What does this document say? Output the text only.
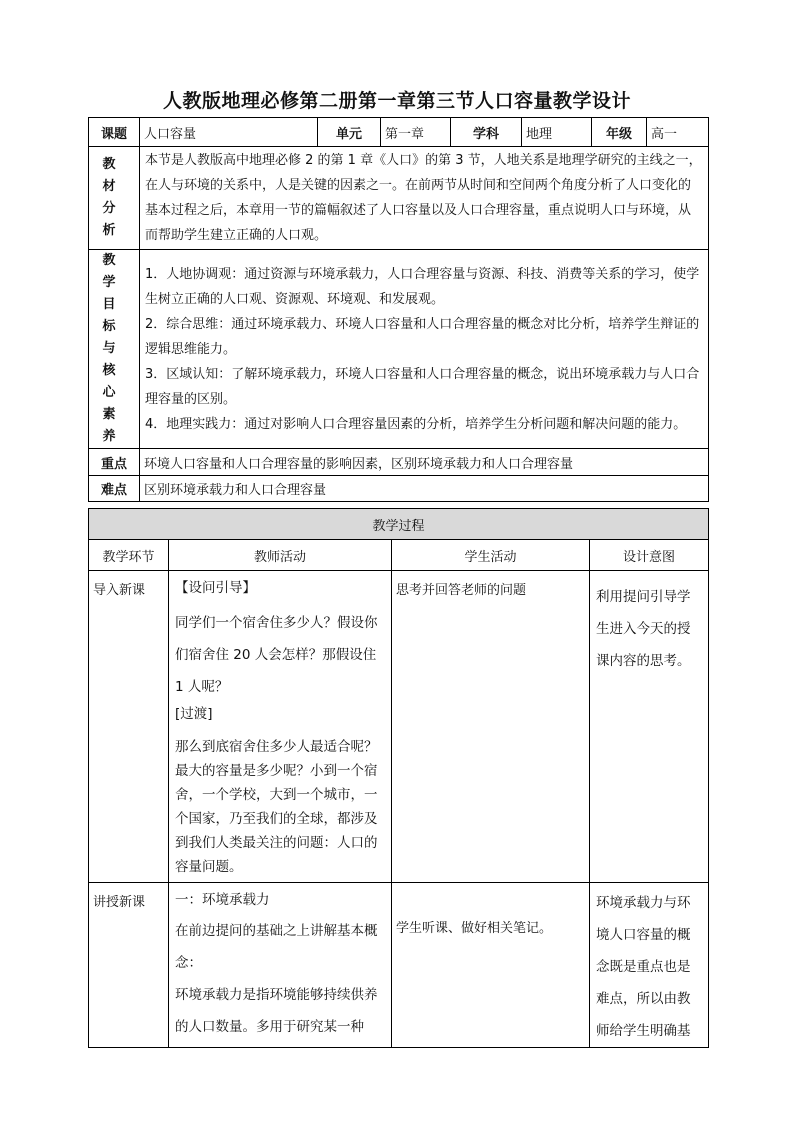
人教版地理必修第二册第一章第三节人口容量教学设计
课题	人口容量	单元	第一章	学科	地理	年级	高一
教材分析	本节是人教版高中地理必修 2 的第 1 章《人口》的第 3 节，人地关系是地理学研究的主线之一，在人与环境的关系中，人是关键的因素之一。在前两节从时间和空间两个角度分析了人口变化的基本过程之后，本章用一节的篇幅叙述了人口容量以及人口合理容量，重点说明人口与环境，从而帮助学生建立正确的人口观。						
教学目标与核心素养	1．人地协调观：通过资源与环境承载力，人口合理容量与资源、科技、消费等关系的学习，使学生树立正确的人口观、资源观、环境观、和发展观。
2．综合思维：通过环境承载力、环境人口容量和人口合理容量的概念对比分析，培养学生辩证的逻辑思维能力。
3．区域认知：了解环境承载力，环境人口容量和人口合理容量的概念，说出环境承载力与人口合理容量的区别。
4．地理实践力：通过对影响人口合理容量因素的分析，培养学生分析问题和解决问题的能力。						

重点	环境人口容量和人口合理容量的影响因素，区别环境承载力和人口合理容量						
难点	区别环境承载力和人口合理容量						
教学过程			
教学环节	教师活动	学生活动	设计意图
导入新课	【设问引导】
同学们一个宿舍住多少人？假设你们宿舍住 20 人会怎样？那假设住 1 人呢？
[过渡]
那么到底宿舍住多少人最适合呢？最大的容量是多少呢？小到一个宿舍，一个学校，大到一个城市，一个国家，乃至我们的全球，都涉及到我们人类最关注的问题：人口的容量问题。	思考并回答老师的问题	利用提问引导学生进入今天的授课内容的思考。
讲授新课	一：环境承载力
在前边提问的基础之上讲解基本概念：
环境承载力是指环境能够持续供养的人口数量。多用于研究某一种	学生听课、做好相关笔记。	环境承载力与环境人口容量的概念既是重点也是难点，所以由教师给学生明确基
